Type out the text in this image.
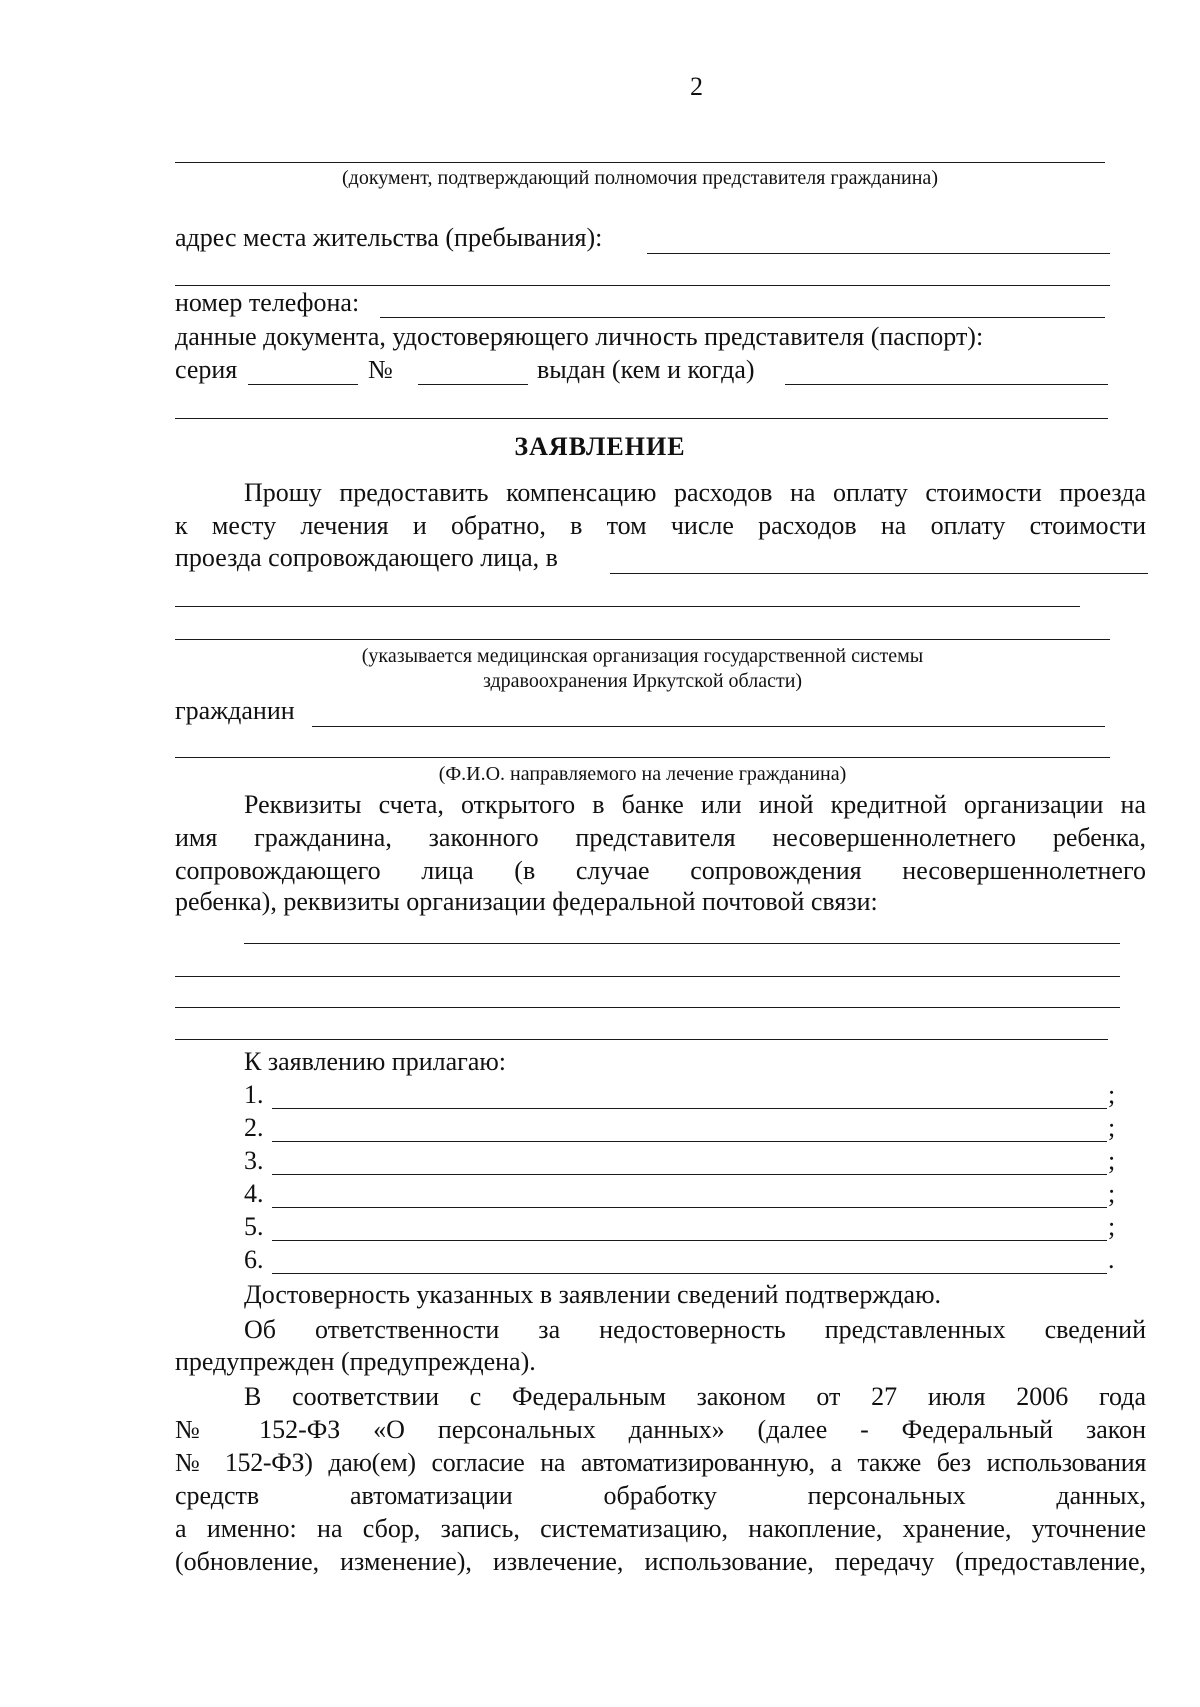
2
(документ, подтверждающий полномочия представителя гражданина)
адрес места жительства (пребывания):
номер телефона:
данные документа, удостоверяющего личность представителя (паспорт):
серия	№	выдан (кем и когда)
ЗАЯВЛЕНИЕ
Прошу предоставить компенсацию расходов на оплату стоимости проезда
к месту лечения и обратно, в том числе расходов на оплату стоимости
проезда сопровождающего лица, в
(указывается медицинская организация государственной системы
здравоохранения Иркутской области)
гражданин
(Ф.И.О. направляемого на лечение гражданина)
Реквизиты счета, открытого в банке или иной кредитной организации на
имя гражданина, законного представителя несовершеннолетнего ребенка,
сопровождающего лица (в случае сопровождения несовершеннолетнего
ребенка), реквизиты организации федеральной почтовой связи:
К заявлению прилагаю:
1.	;
2.	;
3.	;
4.	;
5.	;
6.	.
Достоверность указанных в заявлении сведений подтверждаю.
Об ответственности за недостоверность представленных сведений
предупрежден (предупреждена).
В соответствии с Федеральным законом от 27 июля 2006 года
№ 152-ФЗ «О персональных данных» (далее - Федеральный закон
№ 152-ФЗ) даю(ем) согласие на автоматизированную, а также без использования
средств автоматизации обработку персональных данных,
а именно: на сбор, запись, систематизацию, накопление, хранение, уточнение
(обновление, изменение), извлечение, использование, передачу (предоставление,
